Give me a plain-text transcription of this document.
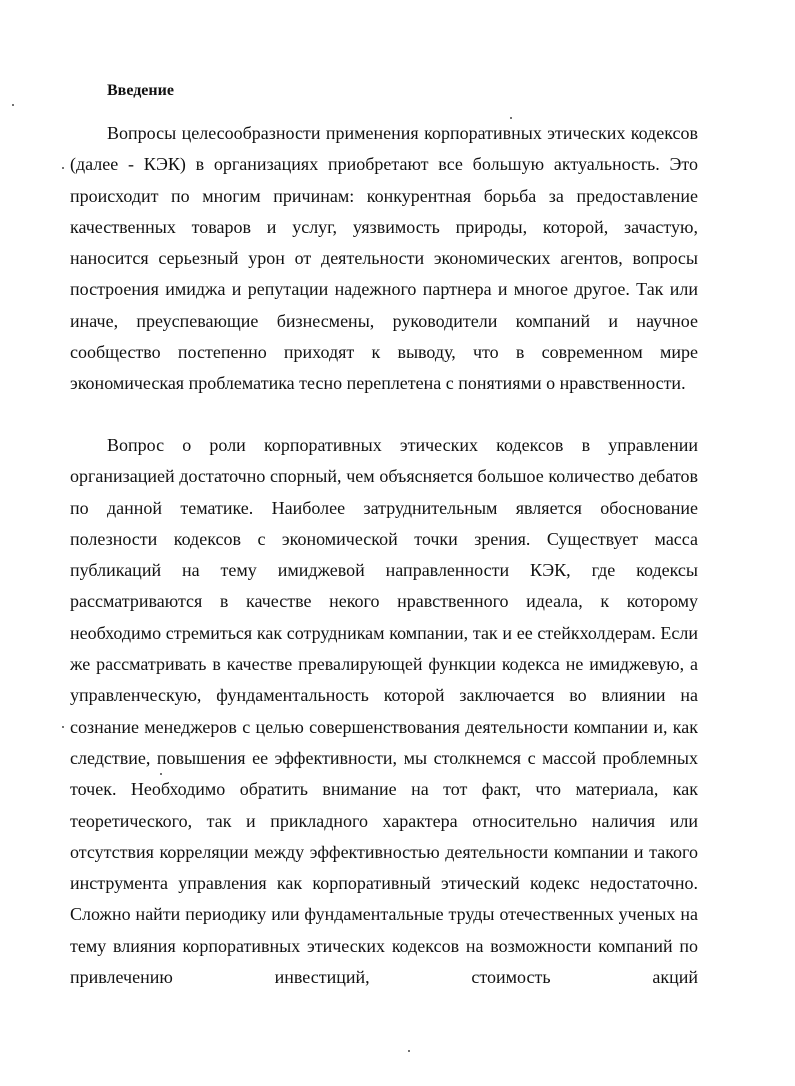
Введение

Вопросы целесообразности применения корпоративных этических кодексов (далее - КЭК) в организациях приобретают все большую актуальность. Это происходит по многим причинам: конкурентная борьба за предоставление качественных товаров и услуг, уязвимость природы, которой, зачастую, наносится серьезный урон от деятельности экономических агентов, вопросы построения имиджа и репутации надежного партнера и многое другое. Так или иначе, преуспевающие бизнесмены, руководители компаний и научное сообщество постепенно приходят к выводу, что в современном мире экономическая проблематика тесно переплетена с понятиями о нравственности.

Вопрос о роли корпоративных этических кодексов в управлении организацией достаточно спорный, чем объясняется большое количество дебатов по данной тематике. Наиболее затруднительным является обоснование полезности кодексов с экономической точки зрения. Существует масса публикаций на тему имиджевой направленности КЭК, где кодексы рассматриваются в качестве некого нравственного идеала, к которому необходимо стремиться как сотрудникам компании, так и ее стейкхолдерам. Если же рассматривать в качестве превалирующей функции кодекса не имиджевую, а управленческую, фундаментальность которой заключается во влиянии на сознание менеджеров с целью совершенствования деятельности компании и, как следствие, повышения ее эффективности, мы столкнемся с массой проблемных точек. Необходимо обратить внимание на тот факт, что материала, как теоретического, так и прикладного характера относительно наличия или отсутствия корреляции между эффективностью деятельности компании и такого инструмента управления как корпоративный этический кодекс недостаточно. Сложно найти периодику или фундаментальные труды отечественных ученых на тему влияния корпоративных этических кодексов на возможности компаний по привлечению инвестиций, стоимость акций
